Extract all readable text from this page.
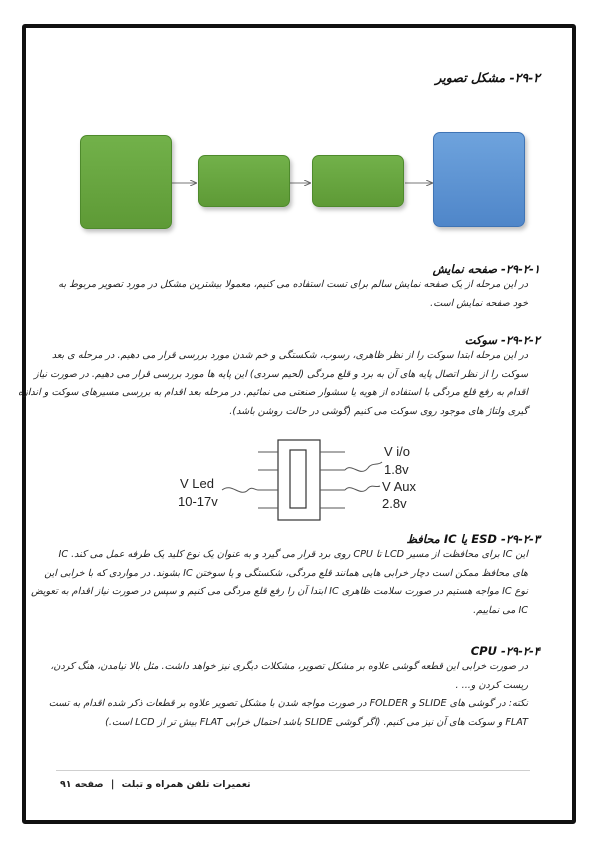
۲۹-۲- مشکل تصویر
۲۹-۲-۱- صفحه نمایش
در این مرحله از یک صفحه نمایش سالم برای تست استفاده می کنیم، معمولا بیشترین مشکل در مورد تصویر مربوط به
خود صفحه نمایش است.
۲۹-۲-۲- سوکت
در این مرحله ابتدا سوکت را از نظر ظاهری، رسوب، شکستگی و خم شدن مورد بررسی قرار می دهیم. در مرحله ی بعد
سوکت را از نظر اتصال پایه های آن به برد و قلع مردگی (لحیم سردی) این پایه ها مورد بررسی قرار می دهیم. در صورت نیاز
اقدام به رفع قلع مردگی با استفاده از هویه یا سشوار صنعتی می نمائیم. در مرحله بعد اقدام به بررسی مسیرهای سوکت و اندازه
گیری ولتاژ های موجود روی سوکت می کنیم (گوشی در حالت روشن باشد).
V Led
10-17v
V i/o
1.8v
V Aux
2.8v
۲۹-۲-۳- ESD یا IC محافظ
این IC برای محافظت از مسیر LCD تا CPU روی برد قرار می گیرد و به عنوان یک نوع کلید یک طرفه عمل می کند. IC
های محافظ ممکن است دچار خرابی هایی همانند قلع مردگی، شکستگی و یا سوختن IC بشوند. در مواردی که با خرابی این
نوع IC مواجه هستیم در صورت سلامت ظاهری IC ابتدا آن را رفع قلع مردگی می کنیم و سپس در صورت نیاز اقدام به تعویض
IC می نماییم.
۲۹-۲-۴- CPU
در صورت خرابی این قطعه گوشی علاوه بر مشکل تصویر، مشکلات دیگری نیز خواهد داشت. مثل بالا نیامدن، هنگ کردن،
ریست کردن و... .
نکته: در گوشی های SLIDE و FOLDER در صورت مواجه شدن با مشکل تصویر علاوه بر قطعات ذکر شده اقدام به تست
FLAT و سوکت های آن نیز می کنیم. (اگر گوشی SLIDE باشد احتمال خرابی FLAT بیش تر از LCD است.)
تعمیرات تلفن همراه و تبلت | صفحه ۹۱
